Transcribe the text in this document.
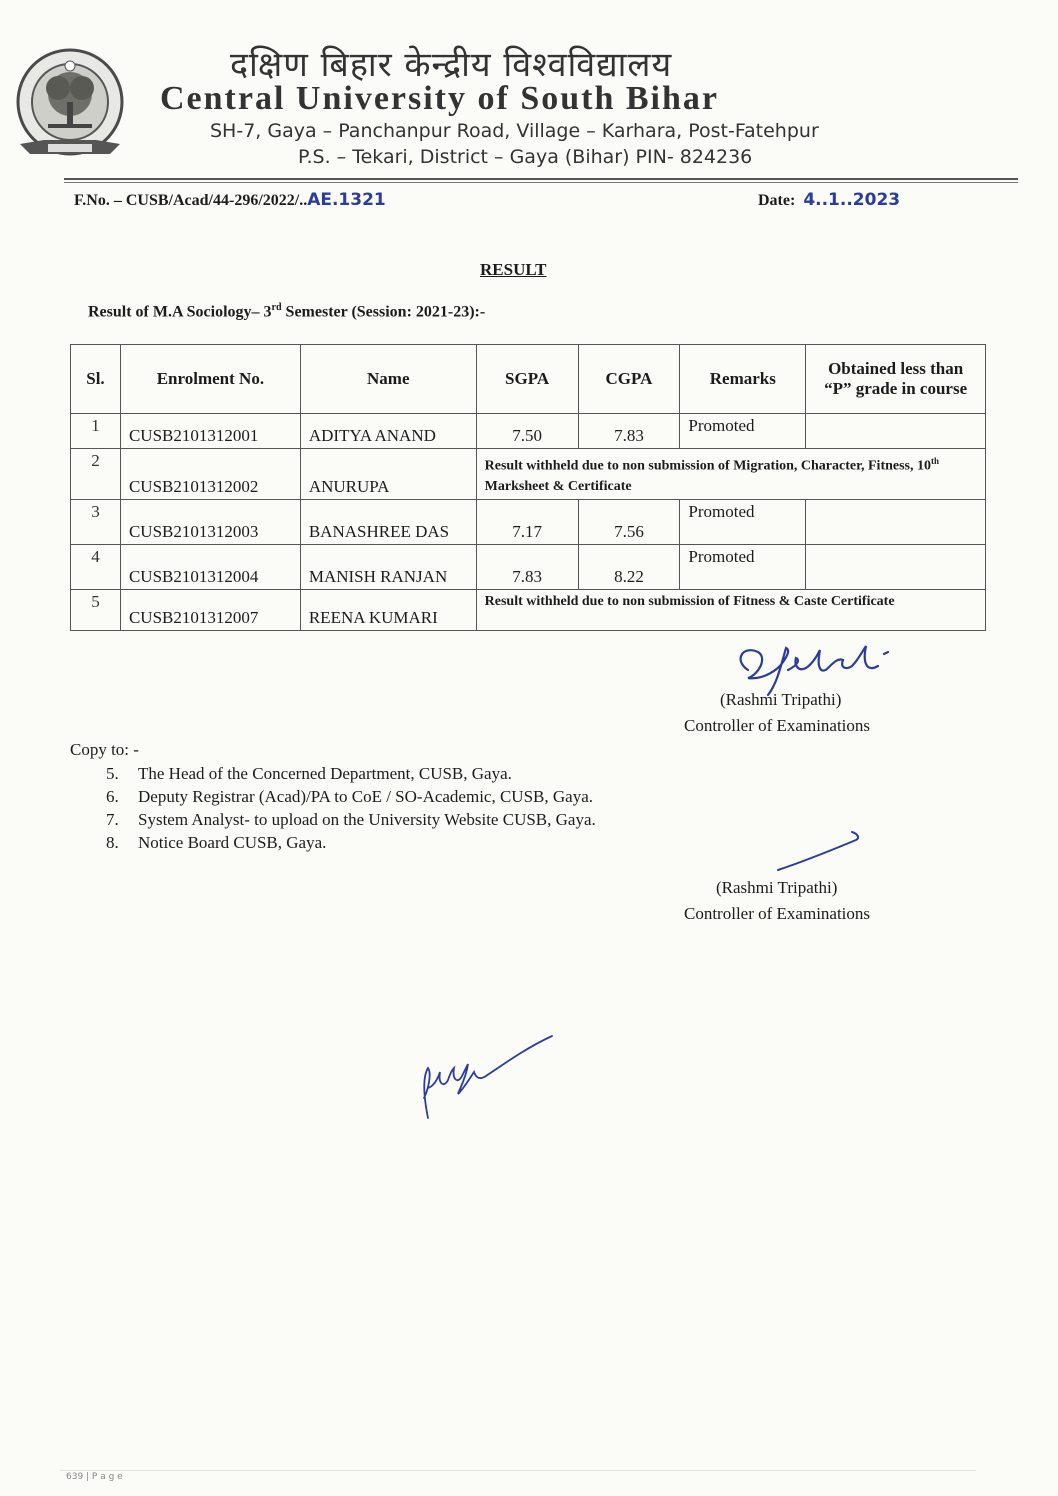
दक्षिण बिहार केन्द्रीय विश्वविद्यालय
Central University of South Bihar
SH-7, Gaya – Panchanpur Road, Village – Karhara, Post-Fatehpur
P.S. – Tekari, District – Gaya (Bihar) PIN- 824236
F.No. – CUSB/Acad/44-296/2022/..AE.1321	Date: 4..1..2023
RESULT
Result of M.A Sociology– 3rd Semester (Session: 2021-23):-
Sl.	Enrolment No.	Name	SGPA	CGPA	Remarks	Obtained less than “P” grade in course
1	CUSB2101312001	ADITYA ANAND	7.50	7.83	Promoted	
2	CUSB2101312002	ANURUPA	Result withheld due to non submission of Migration, Character, Fitness, 10th Marksheet & Certificate			
3	CUSB2101312003	BANASHREE DAS	7.17	7.56	Promoted	
4	CUSB2101312004	MANISH RANJAN	7.83	8.22	Promoted	
5	CUSB2101312007	REENA KUMARI	Result withheld due to non submission of Fitness & Caste Certificate			
(Rashmi Tripathi)
Controller of Examinations
Copy to: -
5. The Head of the Concerned Department, CUSB, Gaya.
6. Deputy Registrar (Acad)/PA to CoE / SO-Academic, CUSB, Gaya.
7. System Analyst- to upload on the University Website CUSB, Gaya.
8. Notice Board CUSB, Gaya.
(Rashmi Tripathi)
Controller of Examinations
639 | P a g e
